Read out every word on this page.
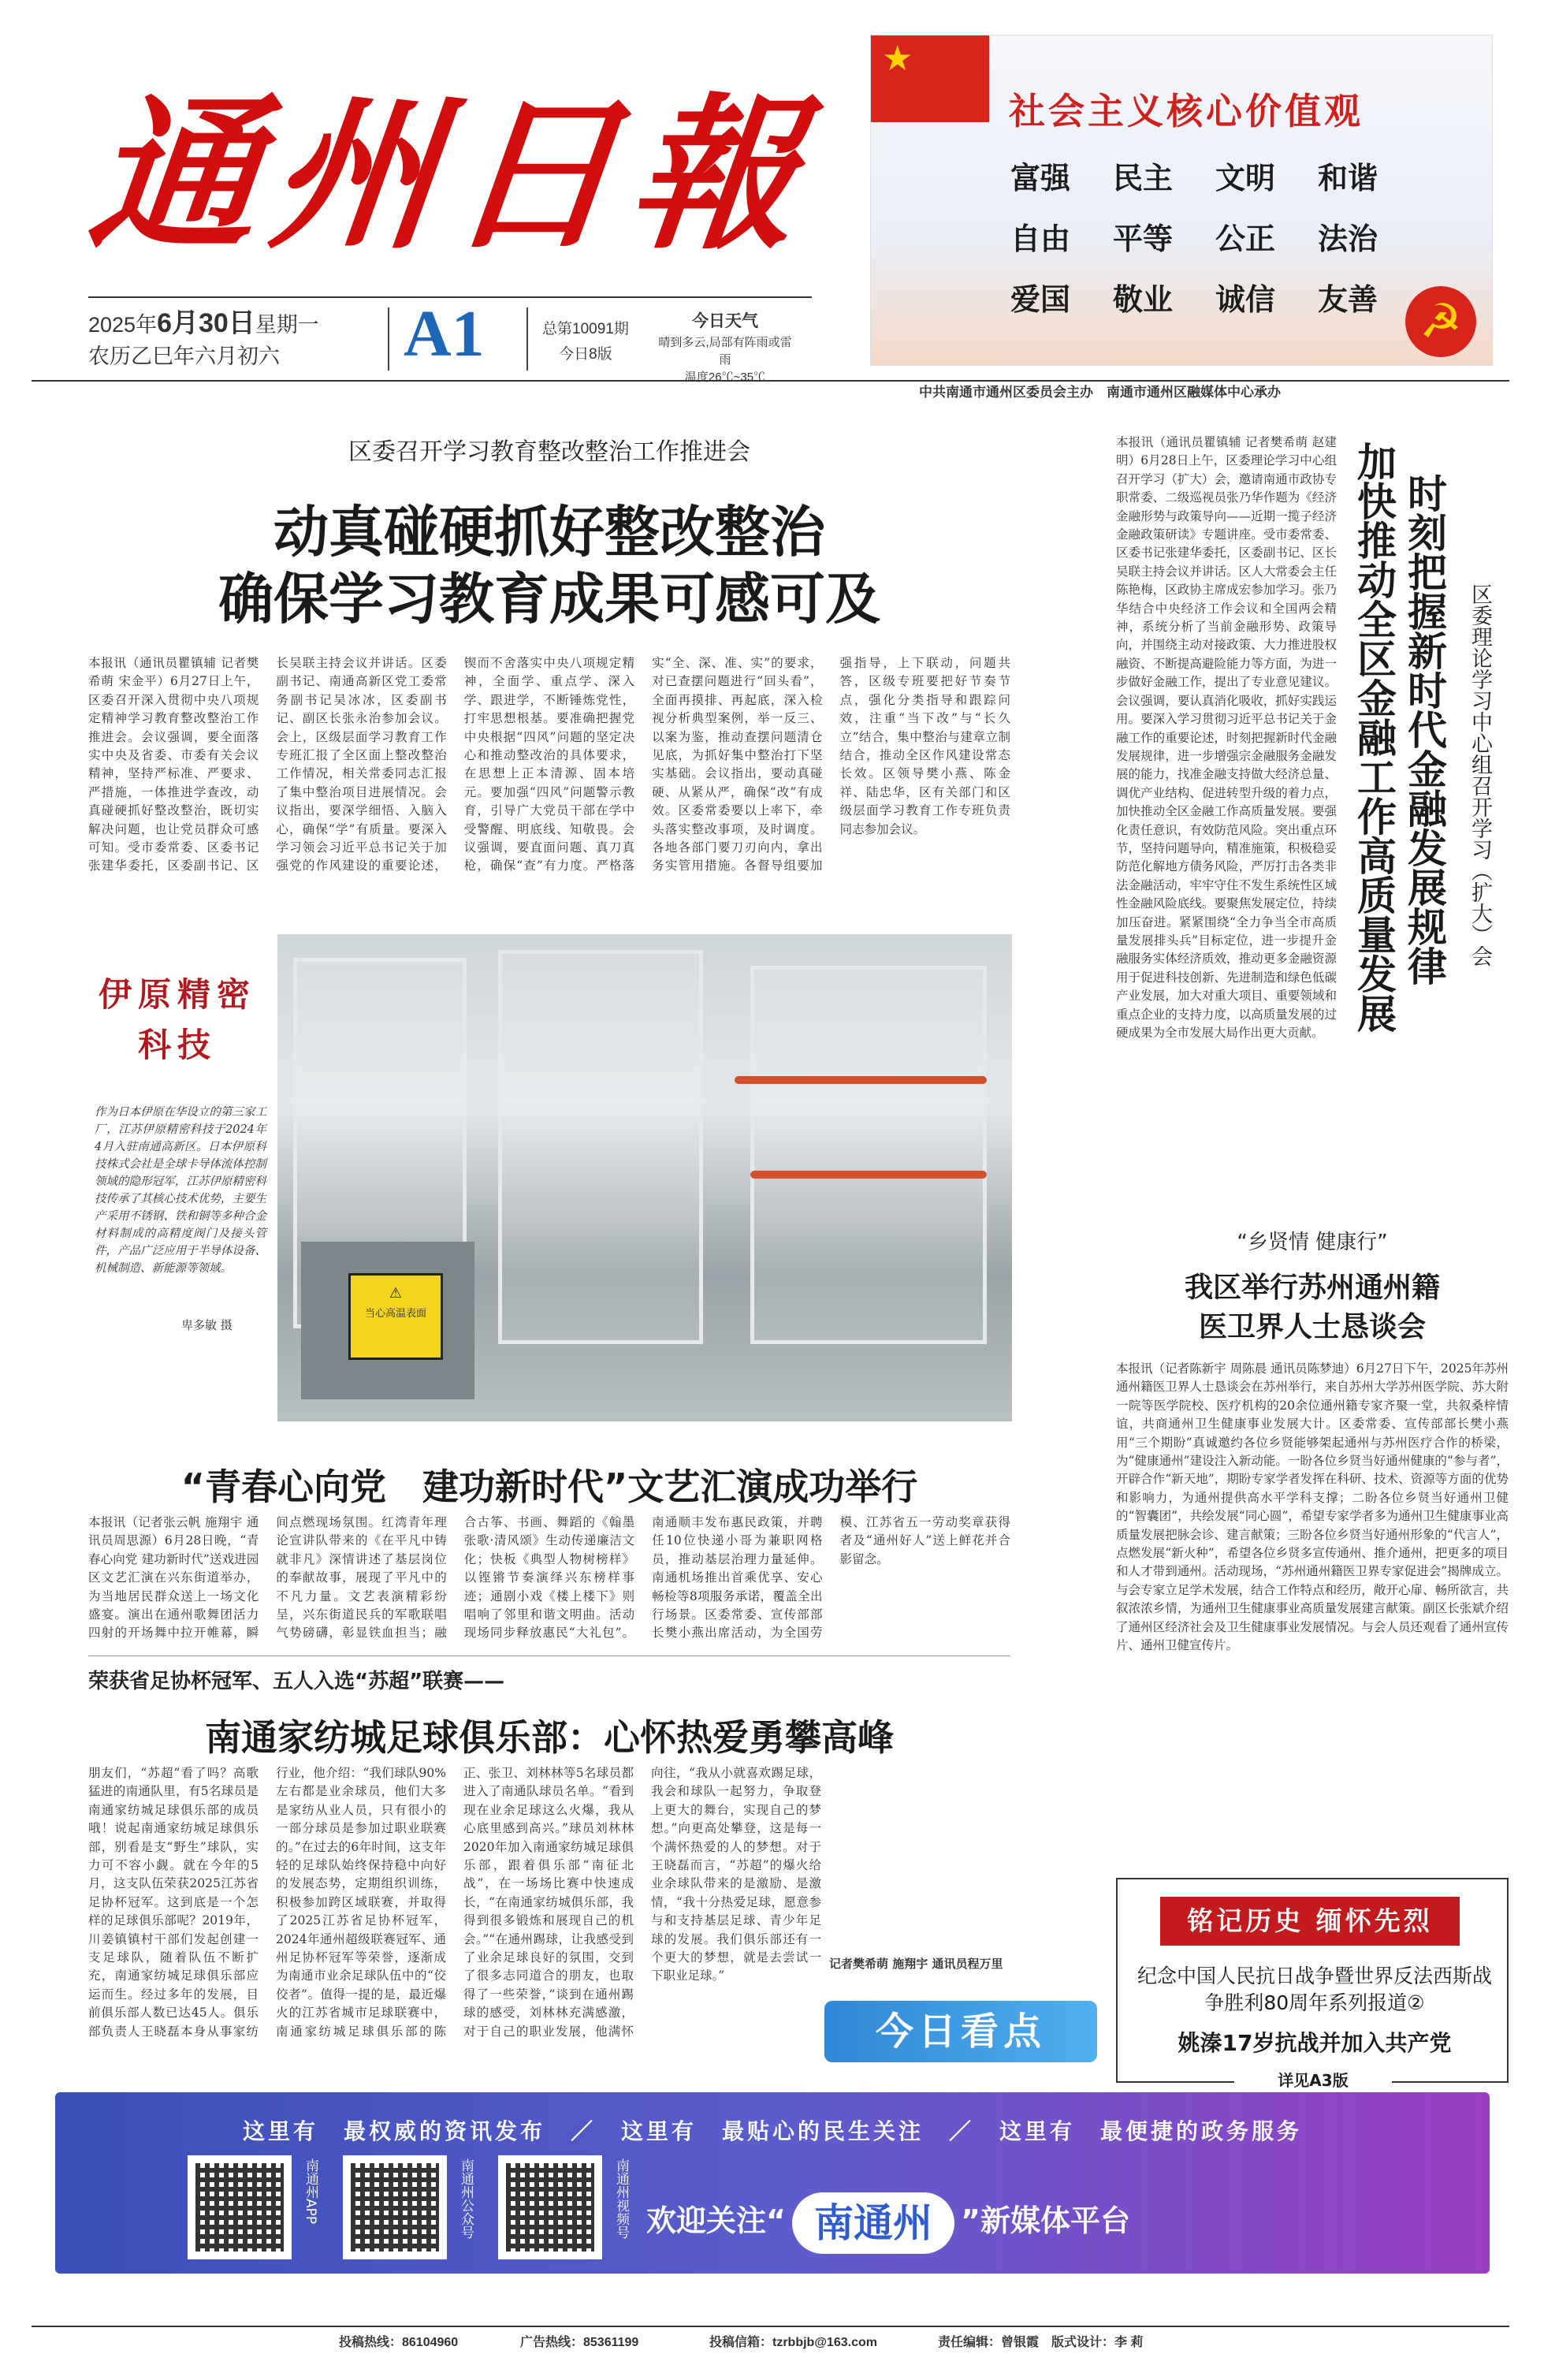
通州日報
2025年6月30日星期一
农历乙巳年六月初六	A1	总第10091期
今日8版
今日天气
晴到多云,局部有阵雨或雷雨
温度26℃~35℃
★
社会主义核心价值观
富强	民主	文明	和谐
自由	平等	公正	法治
爱国	敬业	诚信	友善 ☭
中共南通市通州区委员会主办　南通市通州区融媒体中心承办
区委召开学习教育整改整治工作推进会
动真碰硬抓好整改整治
确保学习教育成果可感可及
本报讯（通讯员瞿镇辅 记者樊希萌 宋金平）6月27日上午，区委召开深入贯彻中央八项规定精神学习教育整改整治工作推进会。会议强调，要全面落实中央及省委、市委有关会议精神，坚持严标准、严要求、严措施，一体推进学查改，动真碰硬抓好整改整治，既切实解决问题，也让党员群众可感可知。受市委常委、区委书记张建华委托，区委副书记、区长吴联主持会议并讲话。区委副书记、南通高新区党工委常务副书记吴冰冰，区委副书记、副区长张永治参加会议。会上，区级层面学习教育工作专班汇报了全区面上整改整治工作情况，相关常委同志汇报了集中整治项目进展情况。会议指出，要深学细悟、入脑入心，确保“学”有质量。要深入学习领会习近平总书记关于加强党的作风建设的重要论述，锲而不舍落实中央八项规定精神，全面学、重点学、深入学、跟进学，不断锤炼党性，打牢思想根基。要准确把握党中央根据“四风”问题的坚定决心和推动整改治的具体要求，在思想上正本清源、固本培元。要加强“四风”问题警示教育，引导广大党员干部在学中受警醒、明底线、知敬畏。会议强调，要直面问题、真刀真枪，确保“查”有力度。严格落实“全、深、准、实”的要求，对已查摆问题进行“回头看”，全面再摸排、再起底，深入检视分析典型案例，举一反三、以案为鉴，推动查摆问题清仓见底，为抓好集中整治打下坚实基础。会议指出，要动真碰硬、从紧从严，确保“改”有成效。区委常委要以上率下，牵头落实整改事项，及时调度。各地各部门要刀刃向内，拿出务实管用措施。各督导组要加强指导，上下联动，问题共答，区级专班要把好节奏节点，强化分类指导和跟踪问效，注重“当下改”与“长久立”结合，集中整治与建章立制结合，推动全区作风建设常态长效。区领导樊小燕、陈金祥、陆忠华，区有关部门和区级层面学习教育工作专班负责同志参加会议。
⚠
当心高温表面
伊原精密科技
作为日本伊原在华设立的第三家工厂，江苏伊原精密科技于2024年4月入驻南通高新区。日本伊原科技株式会社是全球卡导体流体控制领域的隐形冠军，江苏伊原精密科技传承了其核心技术优势，主要生产采用不锈钢、铁和铜等多种合金材料制成的高精度阀门及接头管件，产品广泛应用于半导体设备、机械制造、新能源等领域。
卑多敏 摄
“青春心向党　建功新时代”文艺汇演成功举行
本报讯（记者张云帆 施翔宇 通讯员周思源）6月28日晚，“青春心向党 建功新时代”送戏进园区文艺汇演在兴东街道举办，为当地居民群众送上一场文化盛宴。演出在通州歌舞团活力四射的开场舞中拉开帷幕，瞬间点燃现场氛围。红湾青年理论宣讲队带来的《在平凡中铸就非凡》深情讲述了基层岗位的奉献故事，展现了平凡中的不凡力量。文艺表演精彩纷呈，兴东街道民兵的军歌联唱气势磅礴，彰显铁血担当；融合古筝、书画、舞蹈的《翰墨张歌·清风颂》生动传递廉洁文化；快板《典型人物树榜样》以铿锵节奏演绎兴东榜样事迹；通剧小戏《楼上楼下》则唱响了邻里和谐文明曲。活动现场同步释放惠民“大礼包”。南通顺丰发布惠民政策，并聘任10位快递小哥为兼职网格员，推动基层治理力量延伸。南通机场推出首乘优享、安心畅检等8项服务承诺，覆盖全出行场景。区委常委、宣传部部长樊小燕出席活动，为全国劳模、江苏省五一劳动奖章获得者及“通州好人”送上鲜花并合影留念。
荣获省足协杯冠军、五人入选“苏超”联赛——
南通家纺城足球俱乐部：心怀热爱勇攀高峰
朋友们，“苏超”看了吗？高歌猛进的南通队里，有5名球员是南通家纺城足球俱乐部的成员哦！说起南通家纺城足球俱乐部，别看是支“野生”球队，实力可不容小觑。就在今年的5月，这支队伍荣获2025江苏省足协杯冠军。这到底是一个怎样的足球俱乐部呢？2019年，川姜镇镇村干部们发起创建一支足球队，随着队伍不断扩充，南通家纺城足球俱乐部应运而生。经过多年的发展，目前俱乐部人数已达45人。俱乐部负责人王晓磊本身从事家纺行业，他介绍：“我们球队90%左右都是业余球员，他们大多是家纺从业人员，只有很小的一部分球员是参加过职业联赛的。”在过去的6年时间，这支年轻的足球队始终保持稳中向好的发展态势，定期组织训练，积极参加跨区域联赛，并取得了2025江苏省足协杯冠军，2024年通州超级联赛冠军、通州足协杯冠军等荣誉，逐渐成为南通市业余足球队伍中的“佼佼者”。值得一提的是，最近爆火的江苏省城市足球联赛中，南通家纺城足球俱乐部的陈正、张卫、刘林林等5名球员都进入了南通队球员名单。“看到现在业余足球这么火爆，我从心底里感到高兴。”球员刘林林2020年加入南通家纺城足球俱乐部，跟着俱乐部“南征北战”，在一场场比赛中快速成长，“在南通家纺城俱乐部，我得到很多锻炼和展现自己的机会。”“在通州踢球，让我感受到了业余足球良好的氛围，交到了很多志同道合的朋友，也取得了一些荣誉，”谈到在通州踢球的感受，刘林林充满感激，对于自己的职业发展，他满怀向往，“我从小就喜欢踢足球，我会和球队一起努力，争取登上更大的舞台，实现自己的梦想。”向更高处攀登，这是每一个满怀热爱的人的梦想。对于王晓磊而言，“苏超”的爆火给业余球队带来的是激励、是激情，“我十分热爱足球，愿意参与和支持基层足球、青少年足球的发展。我们俱乐部还有一个更大的梦想，就是去尝试一下职业足球。”
记者樊希萌 施翔宇 通讯员程万里
今日看点
区委理论学习中心组召开学习（扩大）会
时刻把握新时代金融发展规律
加快推动全区金融工作高质量发展
本报讯（通讯员瞿镇辅 记者樊希萌 赵建明）6月28日上午，区委理论学习中心组召开学习（扩大）会，邀请南通市政协专职常委、二级巡视员张乃华作题为《经济金融形势与政策导向——近期一揽子经济金融政策研读》专题讲座。受市委常委、区委书记张建华委托，区委副书记、区长吴联主持会议并讲话。区人大常委会主任陈艳梅，区政协主席成宏参加学习。张乃华结合中央经济工作会议和全国两会精神，系统分析了当前金融形势、政策导向，并围绕主动对接政策、大力推进股权融资、不断提高避险能力等方面，为进一步做好金融工作，提出了专业意见建议。会议强调，要认真消化吸收，抓好实践运用。要深入学习贯彻习近平总书记关于金融工作的重要论述，时刻把握新时代金融发展规律，进一步增强宗金融服务金融发展的能力，找准金融支持做大经济总量、调优产业结构、促进转型升级的着力点，加快推动全区金融工作高质量发展。要强化责任意识，有效防范风险。突出重点环节，坚持问题导向，精准施策，积极稳妥防范化解地方债务风险，严厉打击各类非法金融活动，牢牢守住不发生系统性区域性金融风险底线。要聚焦发展定位，持续加压奋进。紧紧围绕“全力争当全市高质量发展排头兵”目标定位，进一步提升金融服务实体经济质效，推动更多金融资源用于促进科技创新、先进制造和绿色低碳产业发展，加大对重大项目、重要领域和重点企业的支持力度，以高质量发展的过硬成果为全市发展大局作出更大贡献。
“乡贤情 健康行”
我区举行苏州通州籍
医卫界人士恳谈会
本报讯（记者陈新宇 周陈晨 通讯员陈梦迪）6月27日下午，2025年苏州通州籍医卫界人士恳谈会在苏州举行，来自苏州大学苏州医学院、苏大附一院等医学院校、医疗机构的20余位通州籍专家齐聚一堂，共叙桑梓情谊，共商通州卫生健康事业发展大计。区委常委、宣传部部长樊小燕用“三个期盼”真诚邀约各位乡贤能够架起通州与苏州医疗合作的桥梁，为“健康通州”建设注入新动能。一盼各位乡贤当好通州健康的“参与者”，开辟合作“新天地”，期盼专家学者发挥在科研、技术、资源等方面的优势和影响力，为通州提供高水平学科支撑；二盼各位乡贤当好通州卫健的“智囊团”，共绘发展“同心圆”，希望专家学者多为通州卫生健康事业高质量发展把脉会诊、建言献策；三盼各位乡贤当好通州形象的“代言人”，点燃发展“新火种”，希望各位乡贤多宣传通州、推介通州，把更多的项目和人才带到通州。活动现场，“苏州通州籍医卫界专家促进会”揭牌成立。与会专家立足学术发展，结合工作特点和经历，敞开心扉、畅所欲言，共叙浓浓乡情，为通州卫生健康事业高质量发展建言献策。副区长张斌介绍了通州区经济社会及卫生健康事业发展情况。与会人员还观看了通州宣传片、通州卫健宣传片。
铭记历史 缅怀先烈
纪念中国人民抗日战争暨世界反法西斯战争胜利80周年系列报道②
姚溱17岁抗战并加入共产党
详见A3版
这里有　最权威的资讯发布　／　这里有　最贴心的民生关注　／　这里有　最便捷的政务服务
南通州APP	南通州公众号	南通州视频号 欢迎关注“ 南通州 ”新媒体平台
投稿热线：86104960	广告热线：85361199	投稿信箱：tzrbbjb@163.com	责任编辑：曾银霞　版式设计：李 莉
